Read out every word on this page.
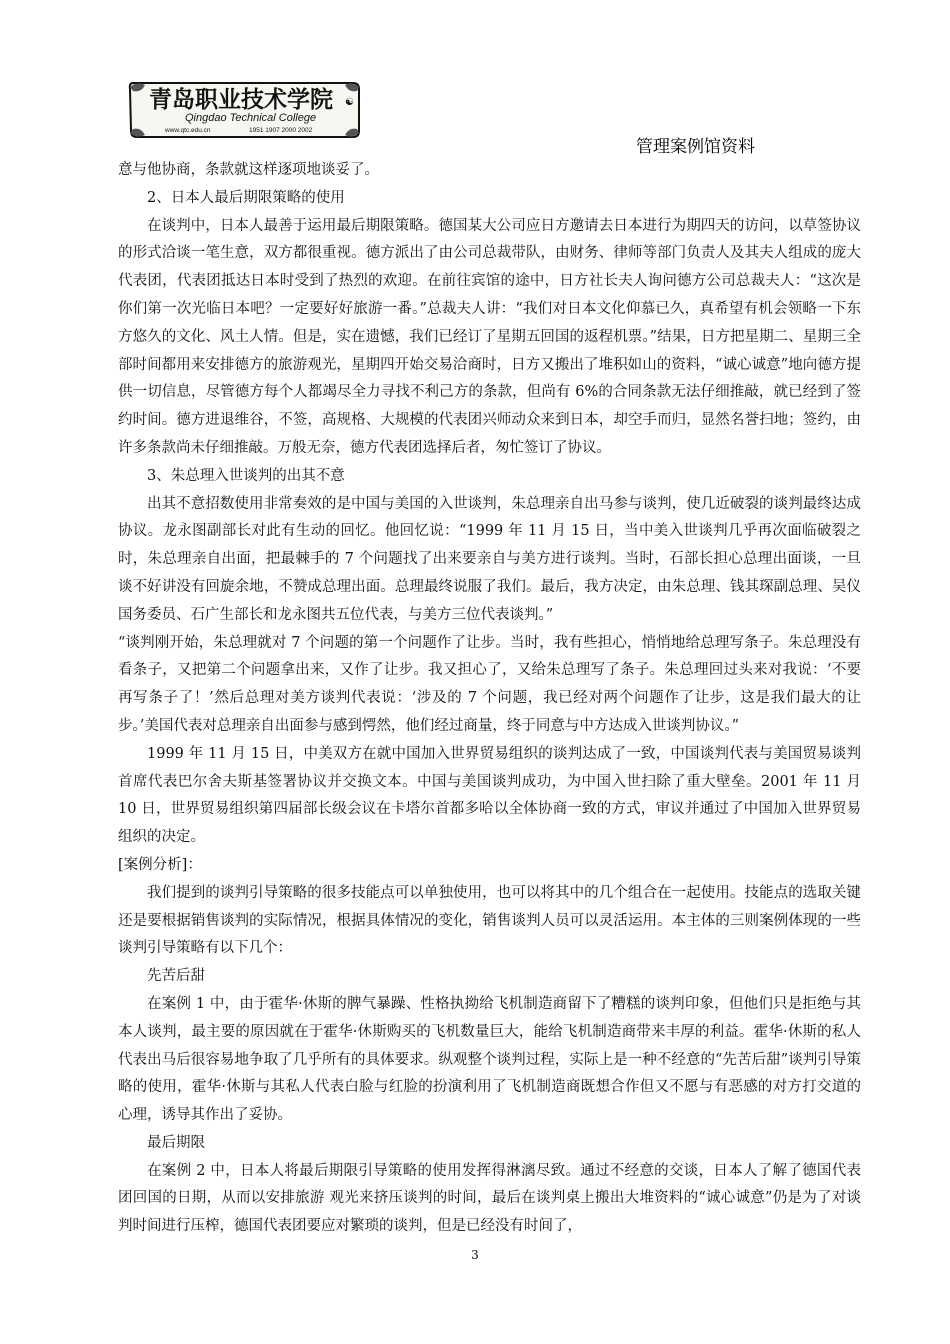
青岛职业技术学院 ☯
Qingdao Technical College
www.qtc.edu.cn	1951 1907 2000 2002
管理案例馆资料

意与他协商，条款就这样逐项地谈妥了。

2、日本人最后期限策略的使用

在谈判中，日本人最善于运用最后期限策略。德国某大公司应日方邀请去日本进行为期四天的访问，以草签协议的形式洽谈一笔生意，双方都很重视。德方派出了由公司总裁带队，由财务、律师等部门负责人及其夫人组成的庞大代表团，代表团抵达日本时受到了热烈的欢迎。在前往宾馆的途中，日方社长夫人询问德方公司总裁夫人：“这次是你们第一次光临日本吧？一定要好好旅游一番。”总裁夫人讲：“我们对日本文化仰慕已久，真希望有机会领略一下东方悠久的文化、风土人情。但是，实在遗憾，我们已经订了星期五回国的返程机票。”结果，日方把星期二、星期三全部时间都用来安排德方的旅游观光，星期四开始交易洽商时，日方又搬出了堆积如山的资料，“诚心诚意”地向德方提供一切信息，尽管德方每个人都竭尽全力寻找不利己方的条款，但尚有 6%的合同条款无法仔细推敲，就已经到了签约时间。德方进退维谷，不签，高规格、大规模的代表团兴师动众来到日本，却空手而归，显然名誉扫地；签约，由许多条款尚未仔细推敲。万般无奈，德方代表团选择后者，匆忙签订了协议。

3、朱总理入世谈判的出其不意

出其不意招数使用非常奏效的是中国与美国的入世谈判，朱总理亲自出马参与谈判，使几近破裂的谈判最终达成协议。龙永图副部长对此有生动的回忆。他回忆说：“1999 年 11 月 15 日，当中美入世谈判几乎再次面临破裂之时，朱总理亲自出面，把最棘手的 7 个问题找了出来要亲自与美方进行谈判。当时，石部长担心总理出面谈，一旦谈不好讲没有回旋余地，不赞成总理出面。总理最终说服了我们。最后，我方决定，由朱总理、钱其琛副总理、吴仪国务委员、石广生部长和龙永图共五位代表，与美方三位代表谈判。”

“谈判刚开始，朱总理就对 7 个问题的第一个问题作了让步。当时，我有些担心，悄悄地给总理写条子。朱总理没有看条子，又把第二个问题拿出来，又作了让步。我又担心了，又给朱总理写了条子。朱总理回过头来对我说：‘不要再写条子了！’然后总理对美方谈判代表说：‘涉及的 7 个问题，我已经对两个问题作了让步，这是我们最大的让步。’美国代表对总理亲自出面参与感到愕然，他们经过商量，终于同意与中方达成入世谈判协议。”

1999 年 11 月 15 日，中美双方在就中国加入世界贸易组织的谈判达成了一致，中国谈判代表与美国贸易谈判首席代表巴尔舍夫斯基签署协议并交换文本。中国与美国谈判成功，为中国入世扫除了重大壁垒。2001 年 11 月 10 日，世界贸易组织第四届部长级会议在卡塔尔首都多哈以全体协商一致的方式，审议并通过了中国加入世界贸易组织的决定。

[案例分析]：

我们提到的谈判引导策略的很多技能点可以单独使用，也可以将其中的几个组合在一起使用。技能点的选取关键还是要根据销售谈判的实际情况，根据具体情况的变化，销售谈判人员可以灵活运用。本主体的三则案例体现的一些谈判引导策略有以下几个：

先苦后甜

在案例 1 中，由于霍华·休斯的脾气暴躁、性格执拗给飞机制造商留下了糟糕的谈判印象，但他们只是拒绝与其本人谈判，最主要的原因就在于霍华·休斯购买的飞机数量巨大，能给飞机制造商带来丰厚的利益。霍华·休斯的私人代表出马后很容易地争取了几乎所有的具体要求。纵观整个谈判过程，实际上是一种不经意的“先苦后甜”谈判引导策略的使用，霍华·休斯与其私人代表白脸与红脸的扮演利用了飞机制造商既想合作但又不愿与有恶感的对方打交道的心理，诱导其作出了妥协。

最后期限

在案例 2 中，日本人将最后期限引导策略的使用发挥得淋漓尽致。通过不经意的交谈，日本人了解了德国代表团回国的日期，从而以安排旅游 观光来挤压谈判的时间，最后在谈判桌上搬出大堆资料的“诚心诚意”仍是为了对谈判时间进行压榨，德国代表团要应对繁琐的谈判，但是已经没有时间了，

3
